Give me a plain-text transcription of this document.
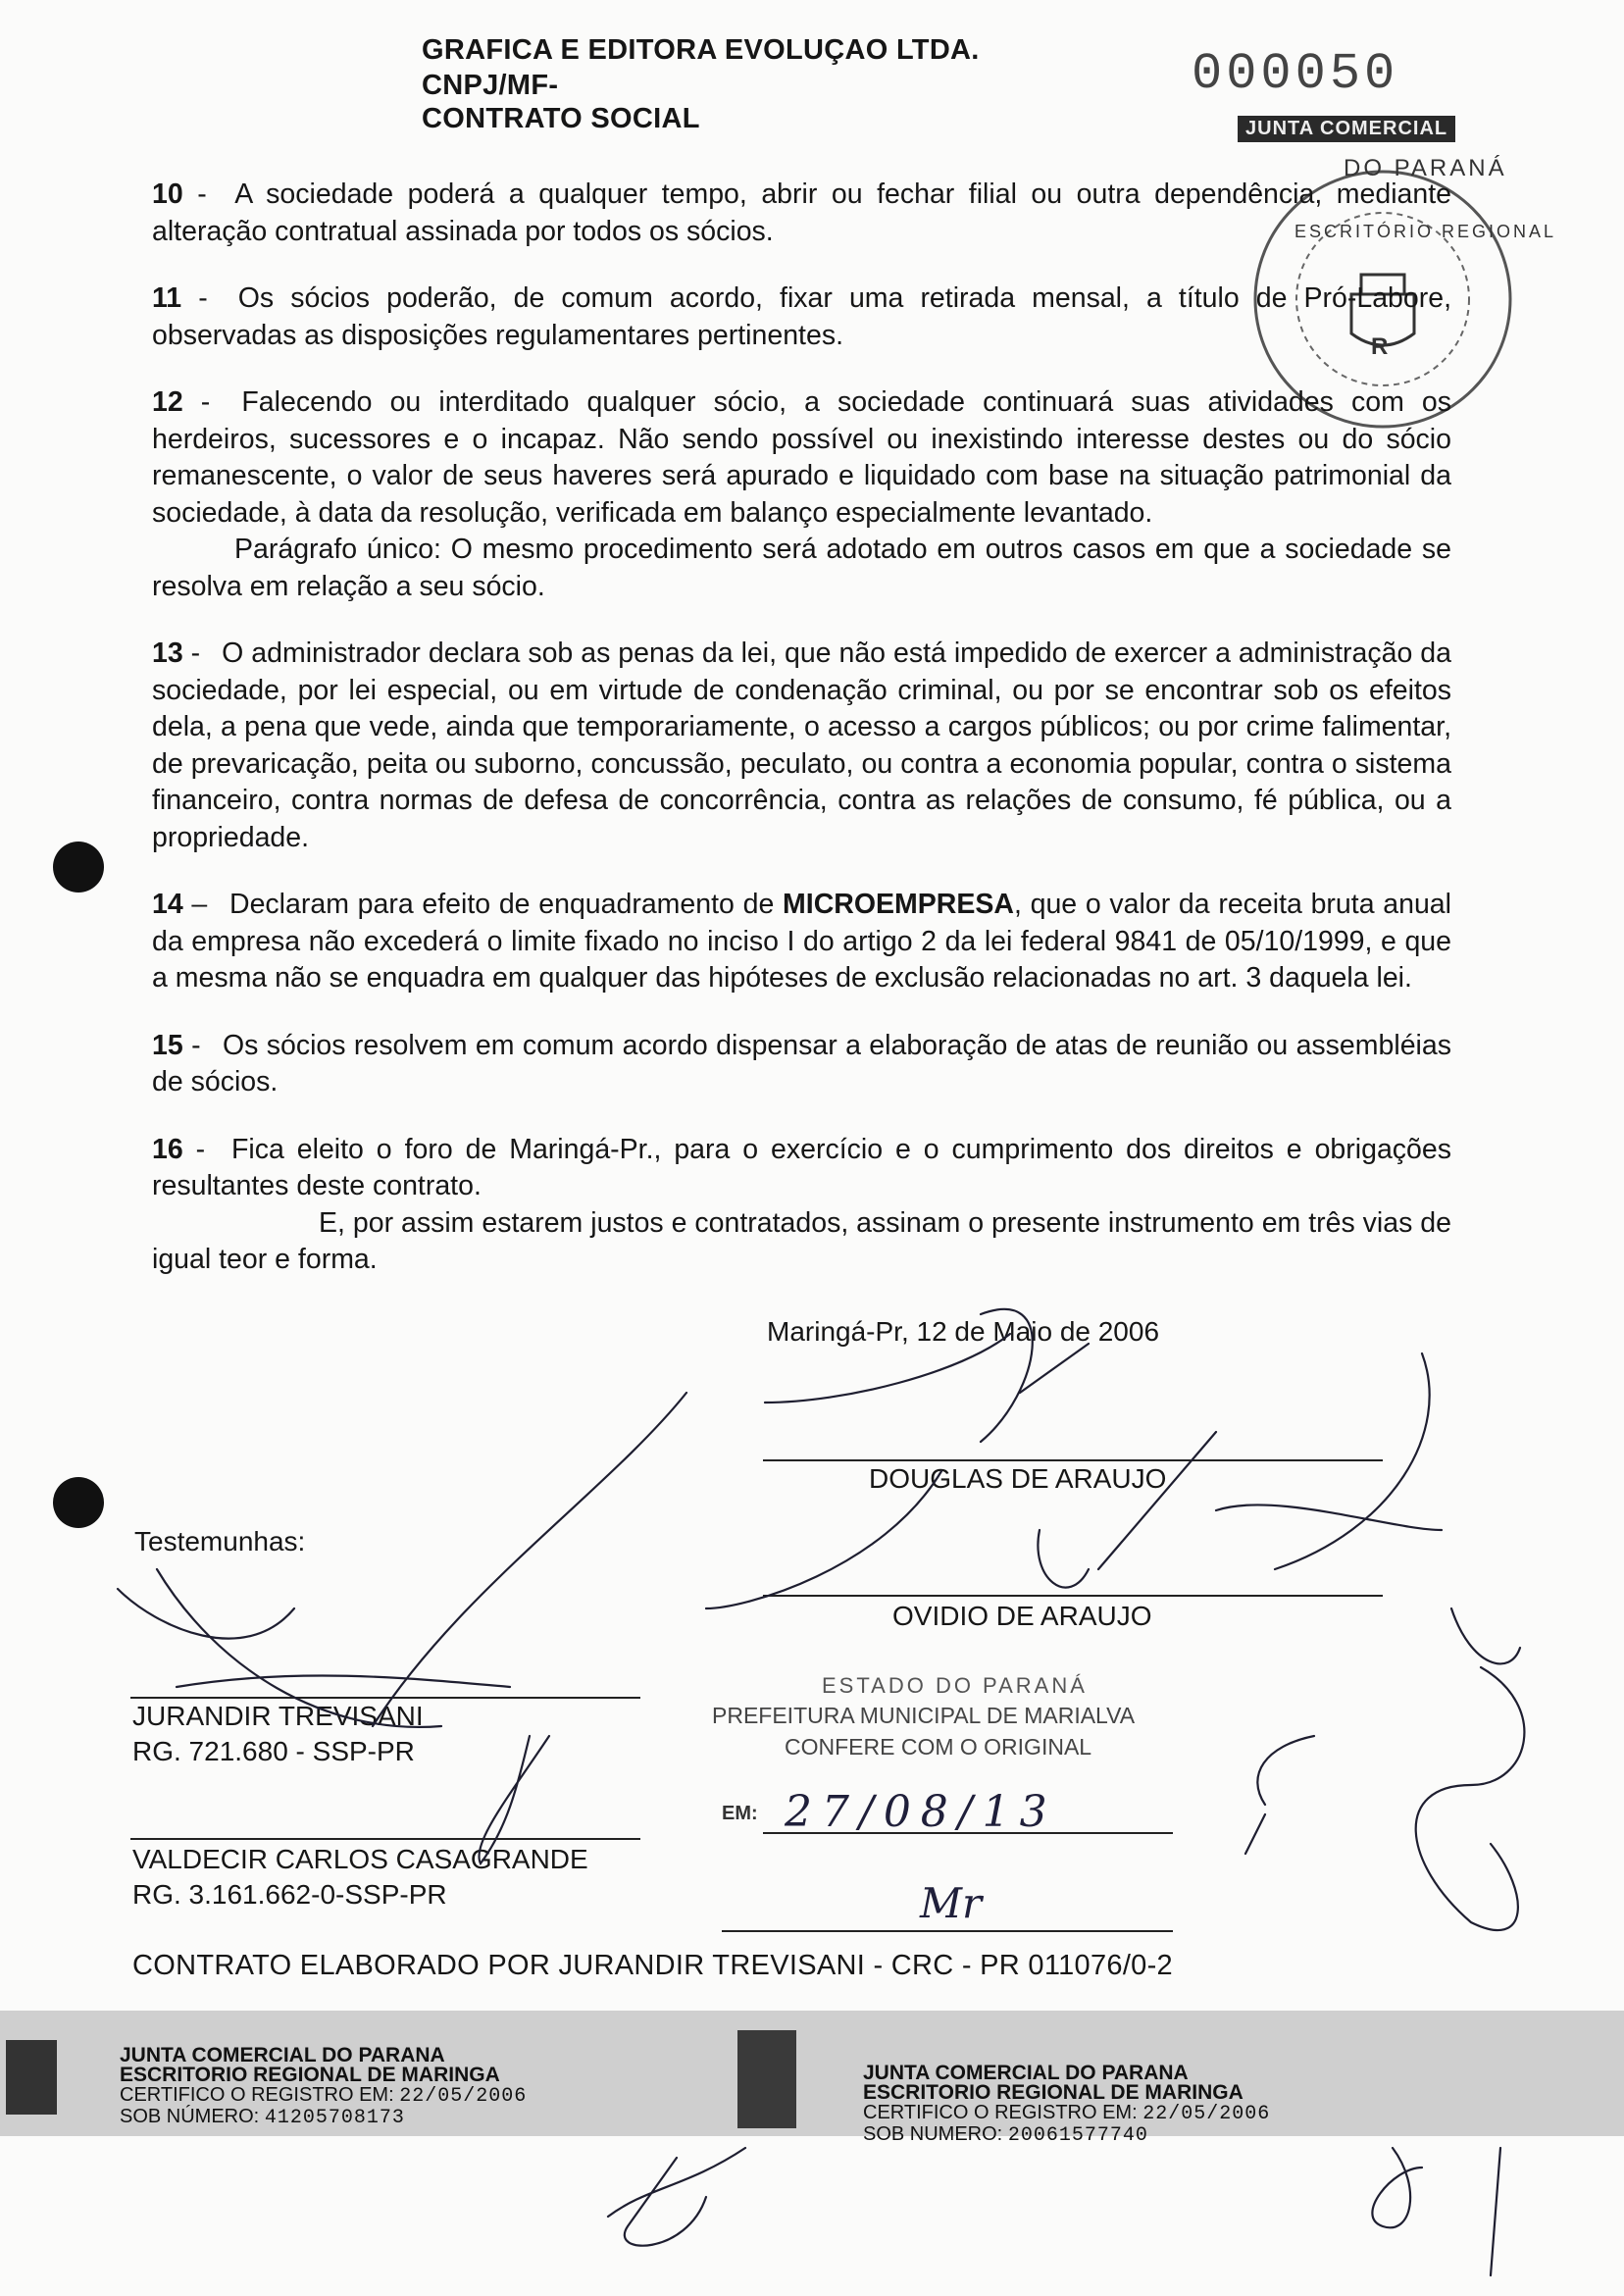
GRAFICA E EDITORA EVOLUÇAO LTDA.
CNPJ/MF-
CONTRATO SOCIAL
000050
JUNTA COMERCIAL
DO PARANÁ
ESCRITÓRIO REGIONAL
R

10 - A sociedade poderá a qualquer tempo, abrir ou fechar filial ou outra dependência, mediante alteração contratual assinada por todos os sócios.

11 - Os sócios poderão, de comum acordo, fixar uma retirada mensal, a título de Pró-Labore, observadas as disposições regulamentares pertinentes.

12 - Falecendo ou interditado qualquer sócio, a sociedade continuará suas atividades com os herdeiros, sucessores e o incapaz. Não sendo possível ou inexistindo interesse destes ou do sócio remanescente, o valor de seus haveres será apurado e liquidado com base na situação patrimonial da sociedade, à data da resolução, verificada em balanço especialmente levantado.

Parágrafo único: O mesmo procedimento será adotado em outros casos em que a sociedade se resolva em relação a seu sócio.

13 - O administrador declara sob as penas da lei, que não está impedido de exercer a administração da sociedade, por lei especial, ou em virtude de condenação criminal, ou por se encontrar sob os efeitos dela, a pena que vede, ainda que temporariamente, o acesso a cargos públicos; ou por crime falimentar, de prevaricação, peita ou suborno, concussão, peculato, ou contra a economia popular, contra o sistema financeiro, contra normas de defesa de concorrência, contra as relações de consumo, fé pública, ou a propriedade.

14 – Declaram para efeito de enquadramento de MICROEMPRESA, que o valor da receita bruta anual da empresa não excederá o limite fixado no inciso I do artigo 2 da lei federal 9841 de 05/10/1999, e que a mesma não se enquadra em qualquer das hipóteses de exclusão relacionadas no art. 3 daquela lei.

15 - Os sócios resolvem em comum acordo dispensar a elaboração de atas de reunião ou assembléias de sócios.

16 - Fica eleito o foro de Maringá-Pr., para o exercício e o cumprimento dos direitos e obrigações resultantes deste contrato.

E, por assim estarem justos e contratados, assinam o presente instrumento em três vias de igual teor e forma.

Maringá-Pr, 12 de Maio de 2006
DOUGLAS DE ARAUJO
OVIDIO DE ARAUJO
Testemunhas:
JURANDIR TREVISANI
RG. 721.680 - SSP-PR
VALDECIR CARLOS CASAGRANDE
RG. 3.161.662-0-SSP-PR
ESTADO DO PARANÁ
PREFEITURA MUNICIPAL DE MARIALVA
CONFERE COM O ORIGINAL
EM: 27/08/13
Mr
CONTRATO ELABORADO POR JURANDIR TREVISANI - CRC - PR 011076/0-2
JUNTA COMERCIAL DO PARANA
ESCRITORIO REGIONAL DE MARINGA
CERTIFICO O REGISTRO EM: 22/05/2006
SOB NÚMERO: 41205708173
JUNTA COMERCIAL DO PARANA
ESCRITORIO REGIONAL DE MARINGA
CERTIFICO O REGISTRO EM: 22/05/2006
SOB NUMERO: 20061577740
